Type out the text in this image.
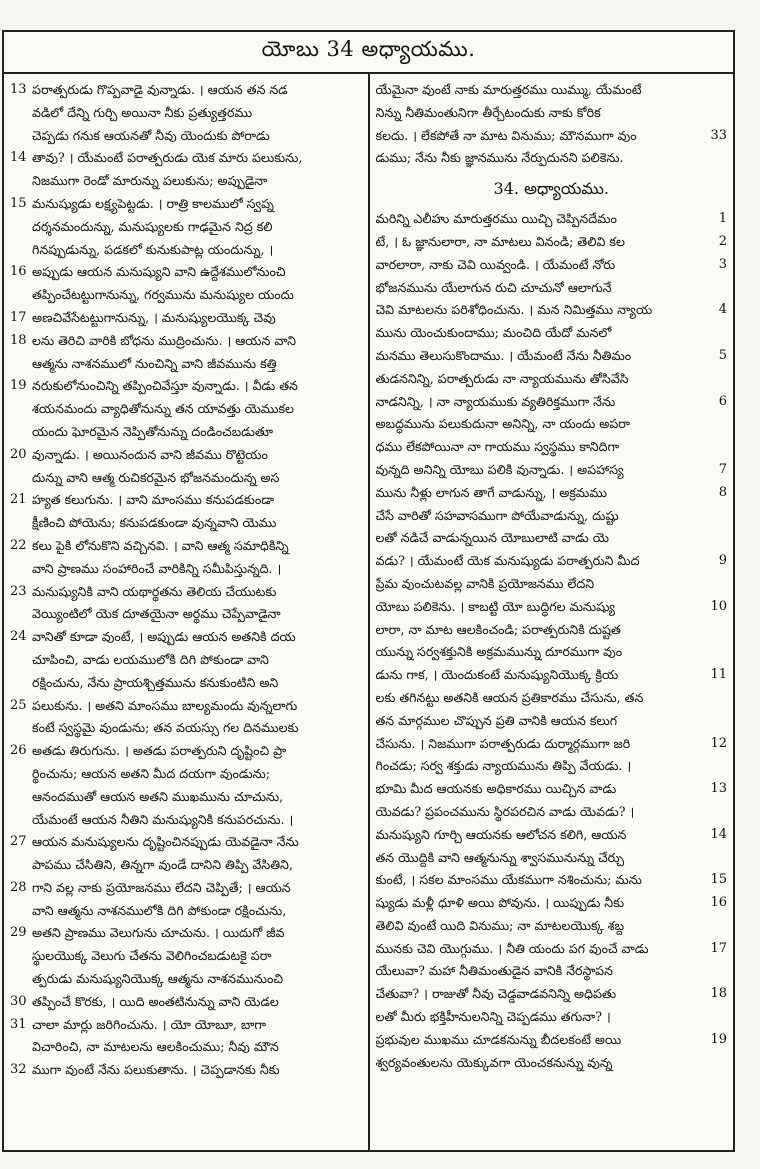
యోబు 34 అధ్యాయము.
13 పరాత్పరుడు గొప్పవాడై వున్నాడు. । ఆయన తన నడ
వడిలో దేన్ని గుర్చి అయినా నీకు ప్రత్యుత్తరము
చెప్పడు గనుక ఆయనతో నీవు యెందుకు పోరాడు
14 తావు? । యేమంటే పరాత్పరుడు యెక మారు పలుకును,
నిజముగా రెండో మారున్ను పలుకును; అప్పుడైనా
15 మనుష్యుడు లక్ష్యపెట్టడు. । రాత్రి కాలములో స్వప్న
దర్శనమందున్ను, మనుష్యులకు గాఢమైన నిద్ర కలి
గినప్పుడున్ను, పడకలో కునుకుపాట్ల యందున్ను, ।
16 అప్పుడు ఆయన మనుష్యుని వాని ఉద్దేశములోనుంచి
తప్పించేటట్టుగానున్ను, గర్వమును మనుష్యుల యందు
17 అణచివేసేటట్టుగానున్ను, । మనుష్యులయొక్క చెవు
18 లను తెరిచి వారికి బోధను ముద్రించును. । ఆయన వాని
ఆత్మను నాశనములో నుంచిన్ని వాని జీవమును కత్తి
19 నరుకులోనుంచిన్ని తప్పించివేస్తూ వున్నాడు. । వీడు తన
శయనమందు వ్యాధితోనున్ను తన యావత్తు యెముకల
యందు ఘోరమైన నెప్పితోనున్ను దండించబడుతూ
20 వున్నాడు. । అయినందున వాని జీవము రొట్టెయం
దున్ను వాని ఆత్మ రుచికరమైన భోజనమందున్న అస
21 హ్యత కలుగును. । వాని మాంసము కనుపడకుండా
క్షీణించి పోయెను; కనుపడకుండా వున్నవాని యెము
22 కలు పైకి లోనుకొని వచ్చినవి. । వాని ఆత్మ సమాధికిన్ని
వాని ప్రాణము సంహారించే వారికిన్ని సమీపిస్తున్నది. ।
23 మనుష్యునికి వాని యథార్థతను తెలియ చేయుటకు
వెయ్యింటిలో యెక దూతయైనా అర్థము చెప్పేవాడైనా
24 వానితో కూడా వుంటే, । అప్పుడు ఆయన అతనికి దయ
చూపించి, వాడు లయములోకి దిగి పోకుండా వాని
రక్షించును, నేను ప్రాయశ్చిత్తమును కనుకుంటిని అని
25 పలుకును. । అతని మాంసము బాల్యమందు వున్నలాగు
కంటే స్వస్థమై వుండును; తన వయస్సు గల దినములకు
26 అతడు తిరుగును. । అతడు పరాత్పరుని దృష్టించి ప్రా
ర్థించును; ఆయన అతని మీద దయగా వుండును;
ఆనందముతో ఆయన అతని ముఖమును చూచును,
యేమంటే ఆయన నీతిని మనుష్యునికి కనుపరచును. ।
27 ఆయన మనుష్యులను దృష్టించినప్పుడు యెవడైనా నేను
పాపము చేసితిని, తిన్నగా వుండే దానిని తిప్పి వేసితిని,
28 గాని వల్ల నాకు ప్రయోజనము లేదని చెప్పితే; । ఆయన
వాని ఆత్మను నాశనములోకి దిగి పోకుండా రక్షించును,
29 అతని ప్రాణము వెలుగును చూచును. । యిదుగో జీవ
స్థులయొక్క వెలుగు చేతను వెలిగించబడుటకై పరా
త్పరుడు మనుష్యునియొక్క ఆత్మను నాశనమునుంచి
30 తప్పించే కొరకు, । యిది అంతటినున్ను వాని యెడల
31 చాలా మార్లు జరిగించును. । యో యోబూ, బాగా
విచారించి, నా మాటలను ఆలకించుము; నీవు మౌన
32 ముగా వుంటే నేను పలుకుతాను. । చెప్పడానకు నీకు
యేమైనా వుంటే నాకు మారుత్తరము యిమ్ము, యేమంటే
నిన్ను నీతిమంతునిగా తీర్చేటందుకు నాకు కోరిక
కలదు. । లేకపోతే నా మాట వినుము; మౌనముగా వుం	33
డుము; నేను నీకు జ్ఞానమును నేర్పుదునని పలికెను.
34. అధ్యాయము.
మరిన్ని ఎలీహు మారుత్తరము యిచ్చి చెప్పినదేమం	1
టే, । ఓ జ్ఞానులారా, నా మాటలు వినండి; తెలివి కల	2
వారలారా, నాకు చెవి యివ్వండి. । యేమంటే నోరు	3
భోజనమును యేలాగున రుచి చూచునో ఆలాగునే
చెవి మాటలను పరిశోధించును. । మన నిమిత్తము న్యాయ	4
మును యెంచుకుందాము; మంచిది యేదో మనలో
మనము తెలుసుకొందాము. । యేమంటే నేను నీతిమం	5
తుడననిన్ని, పరాత్పరుడు నా న్యాయమును తోసివేసి
నాడనిన్ని, । నా న్యాయముకు వ్యతిరిక్తముగా నేను	6
అబద్ధమును పలుకుదునా అనిన్ని, నా యందు అపరా
ధము లేకపోయినా నా గాయము స్వస్థము కానిదిగా
వున్నది అనిన్ని యోబు పలికి వున్నాడు. । అపహాస్య	7
మును నీళ్లు లాగున తాగే వాడున్ను, । అక్రమము	8
చేసే వారితో సహవాసముగా పోయేవాడున్ను, దుష్టు
లతో నడిచే వాడున్నయిన యోబులాటి వాడు యె
వడు? । యేమంటే యెక మనుష్యుడు పరాత్పరుని మీద	9
ప్రేమ వుంచుటవల్ల వానికి ప్రయోజనము లేదని
యోబు పలికెను. । కాబట్టి యో బుద్ధిగల మనుష్యు	10
లారా, నా మాట ఆలకించండి; పరాత్పరునికి దుష్టత
యున్ను సర్వశక్తునికి అక్రమమున్ను దూరముగా వుం
డును గాక, । యెందుకంటే మనుష్యునియొక్క క్రియ	11
లకు తగినట్టు అతనికి ఆయన ప్రతికారము చేసును, తన
తన మార్గముల చొప్పున ప్రతి వానికి ఆయన కలుగ
చేసును. । నిజముగా పరాత్పరుడు దుర్మార్గముగా జరి	12
గించడు; సర్వ శక్తుడు న్యాయమును తిప్పి వేయడు. ।
భూమి మీద ఆయనకు అధికారము యిచ్చిన వాడు	13
యెవడు? ప్రపంచమును స్థిరపరచిన వాడు యెవడు? ।
మనుష్యుని గూర్చి ఆయనకు ఆలోచన కలిగి, ఆయన	14
తన యొద్దికి వాని ఆత్మనున్ను శ్వాసమునున్ను చేర్చు
కుంటే, । సకల మాంసము యేకముగా నశించును; మను	15
ష్యుడు మళ్లీ ధూళి అయి పోవును. । యిప్పుడు నీకు	16
తెలివి వుంటే యిది వినుము; నా మాటలయొక్క శబ్ద
మునకు చెవి యొగ్గుము. । నీతి యందు పగ వుంచే వాడు	17
యేలువా? మహా నీతిమంతుడైన వానికి నేరస్థాపన
చేతువా? । రాజుతో నీవు చెడ్డవాడవనిన్ని అధిపతు	18
లతో మీరు భక్తిహీనులనిన్ని చెప్పడము తగునా? ।
ప్రభువుల ముఖము చూడకనున్ను బీదలకంటే అయి	19
శ్వర్యవంతులను యెక్కువగా యెంచకనున్ను వున్న
